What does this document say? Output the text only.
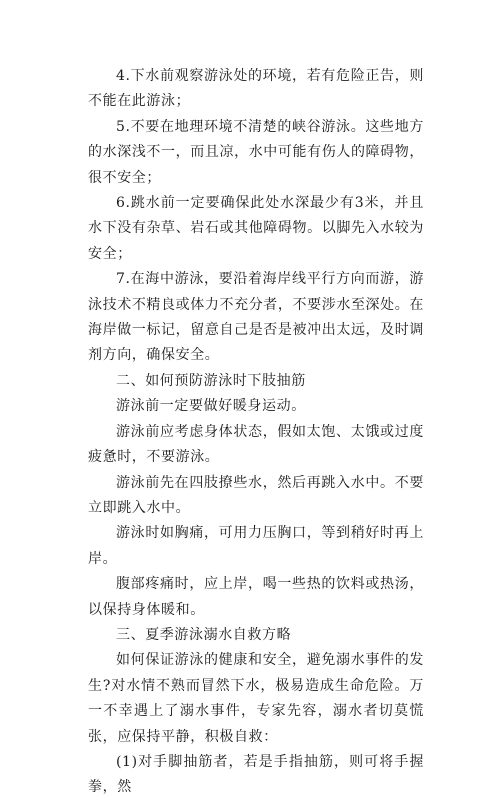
4.下水前观察游泳处的环境，若有危险正告，则不能在此游泳；

5.不要在地理环境不清楚的峡谷游泳。这些地方的水深浅不一，而且凉，水中可能有伤人的障碍物，很不安全；

6.跳水前一定要确保此处水深最少有3米，并且水下没有杂草、岩石或其他障碍物。以脚先入水较为安全；

7.在海中游泳，要沿着海岸线平行方向而游，游泳技术不精良或体力不充分者，不要涉水至深处。在海岸做一标记，留意自己是否是被冲出太远，及时调剂方向，确保安全。

二、如何预防游泳时下肢抽筋

游泳前一定要做好暖身运动。

游泳前应考虑身体状态，假如太饱、太饿或过度疲惫时，不要游泳。

游泳前先在四肢撩些水，然后再跳入水中。不要立即跳入水中。

游泳时如胸痛，可用力压胸口，等到稍好时再上岸。

腹部疼痛时，应上岸，喝一些热的饮料或热汤，以保持身体暖和。

三、夏季游泳溺水自救方略

如何保证游泳的健康和安全，避免溺水事件的发生?对水情不熟而冒然下水，极易造成生命危险。万一不幸遇上了溺水事件，专家先容，溺水者切莫慌张，应保持平静，积极自救：

(1)对手脚抽筋者，若是手指抽筋，则可将手握拳，然
